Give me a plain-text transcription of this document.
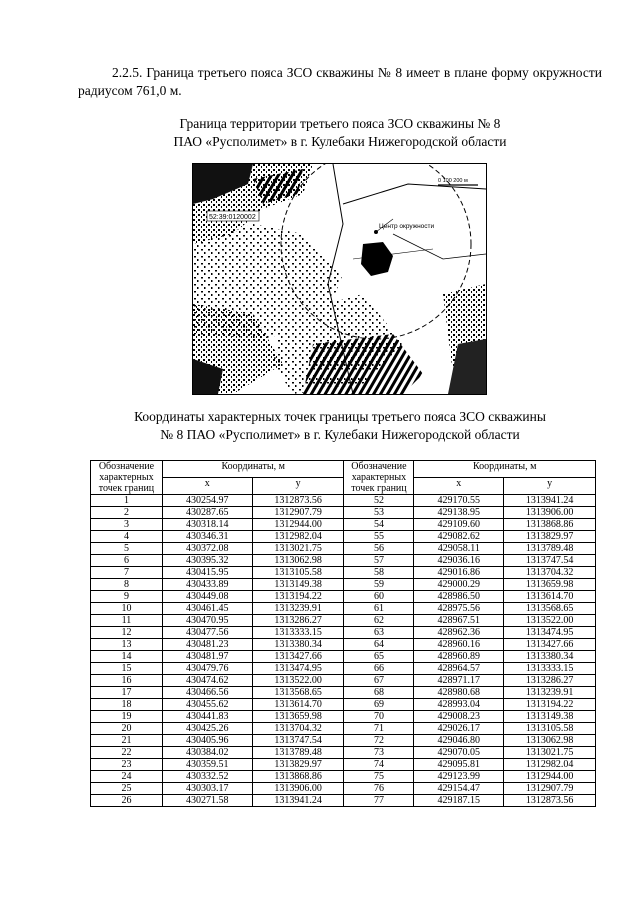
2.2.5. Граница третьего пояса ЗСО скважины № 8 имеет в плане форму окружности радиусом 761,0 м.
Граница территории третьего пояса ЗСО скважины № 8
ПАО «Русполимет» в г. Кулебаки Нижегородской области
52:39:0120002
Центр окружности
0 100 200 м
Координаты характерных точек границы третьего пояса ЗСО скважины
№ 8 ПАО «Русполимет» в г. Кулебаки Нижегородской области
Обозначение характерных точек границ	Координаты, м		Обозначение характерных точек границ	Координаты, м	
	x	y		x	y
1	430254.97	1312873.56	52	429170.55	1313941.24
2	430287.65	1312907.79	53	429138.95	1313906.00
3	430318.14	1312944.00	54	429109.60	1313868.86
4	430346.31	1312982.04	55	429082.62	1313829.97
5	430372.08	1313021.75	56	429058.11	1313789.48
6	430395.32	1313062.98	57	429036.16	1313747.54
7	430415.95	1313105.58	58	429016.86	1313704.32
8	430433.89	1313149.38	59	429000.29	1313659.98
9	430449.08	1313194.22	60	428986.50	1313614.70
10	430461.45	1313239.91	61	428975.56	1313568.65
11	430470.95	1313286.27	62	428967.51	1313522.00
12	430477.56	1313333.15	63	428962.36	1313474.95
13	430481.23	1313380.34	64	428960.16	1313427.66
14	430481.97	1313427.66	65	428960.89	1313380.34
15	430479.76	1313474.95	66	428964.57	1313333.15
16	430474.62	1313522.00	67	428971.17	1313286.27
17	430466.56	1313568.65	68	428980.68	1313239.91
18	430455.62	1313614.70	69	428993.04	1313194.22
19	430441.83	1313659.98	70	429008.23	1313149.38
20	430425.26	1313704.32	71	429026.17	1313105.58
21	430405.96	1313747.54	72	429046.80	1313062.98
22	430384.02	1313789.48	73	429070.05	1313021.75
23	430359.51	1313829.97	74	429095.81	1312982.04
24	430332.52	1313868.86	75	429123.99	1312944.00
25	430303.17	1313906.00	76	429154.47	1312907.79
26	430271.58	1313941.24	77	429187.15	1312873.56
